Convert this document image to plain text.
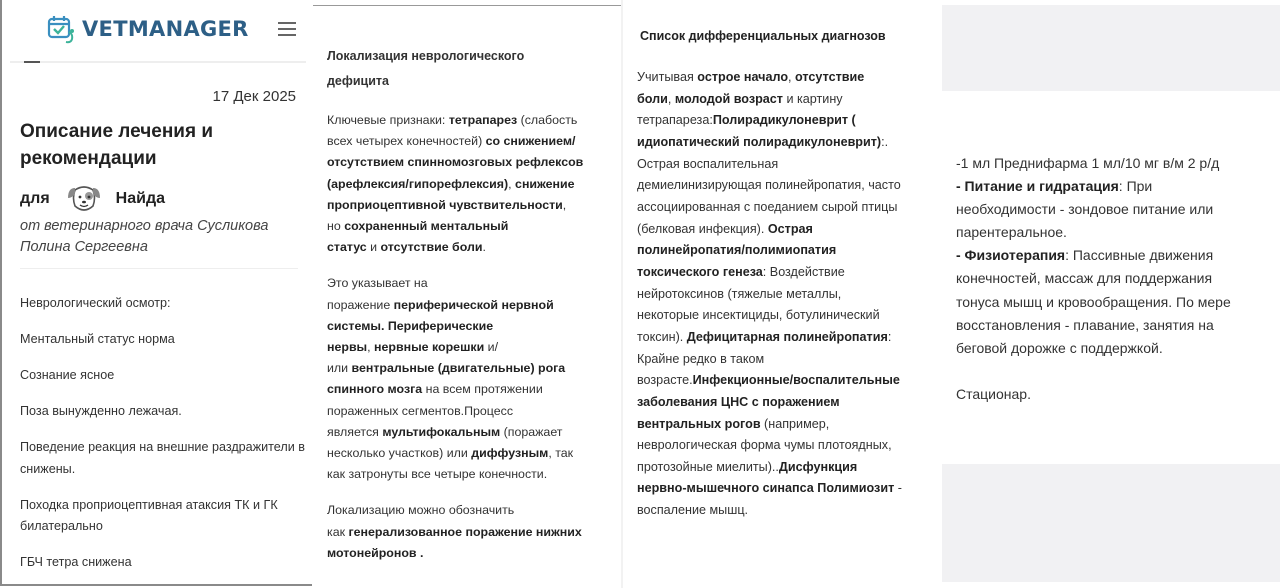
VETMANAGER
17 Дек 2025
Описание лечения и рекомендации
для	Найда
от ветеринарного врача Сусликова Полина Сергеевна
Неврологический осмотр:
Ментальный статус норма
Сознание ясное
Поза вынужденно лежачая.
Поведение реакция на внешние раздражители в снижены.
Походка проприоцептивная атаксия ТК и ГК билатерально
ГБЧ тетра снижена
Локализация неврологического
дефицита

Ключевые признаки: тетрапарез (слабость
всех четырех конечностей) со снижением/
отсутствием спинномозговых рефлексов
(арефлексия/гипорефлексия), снижение
проприоцептивной чувствительности,
но сохраненный ментальный
статус и отсутствие боли.

Это указывает на
поражение периферической нервной
системы. Периферические
нервы, нервные корешки и/
или вентральные (двигательные) рога
спинного мозга на всем протяжении
пораженных сегментов.Процесс
является мультифокальным (поражает
несколько участков) или диффузным, так
как затронуты все четыре конечности.

Локализацию можно обозначить
как генерализованное поражение нижних
мотонейронов .

Список дифференциальных диагнозов

Учитывая острое начало, отсутствие
боли, молодой возраст и картину
тетрапареза:Полирадикулоневрит (
идиопатический полирадикулоневрит):.
Острая воспалительная
демиелинизирующая полинейропатия, часто
ассоциированная с поеданием сырой птицы
(белковая инфекция). Острая
полинейропатия/полимиопатия
токсического генеза: Воздействие
нейротоксинов (тяжелые металлы,
некоторые инсектициды, ботулинический
токсин). Дефицитарная полинейропатия:
Крайне редко в таком
возрасте.Инфекционные/воспалительные
заболевания ЦНС с поражением
вентральных рогов (например,
неврологическая форма чумы плотоядных,
протозойные миелиты)..Дисфункция
нервно-мышечного синапса Полимиозит -
воспаление мышц.

-1 мл Преднифарма 1 мл/10 мг в/м 2 р/д
- Питание и гидратация: При
необходимости - зондовое питание или
парентеральное.
- Физиотерапия: Пассивные движения
конечностей, массаж для поддержания
тонуса мышц и кровообращения. По мере
восстановления - плавание, занятия на
беговой дорожке с поддержкой.

Стационар.
